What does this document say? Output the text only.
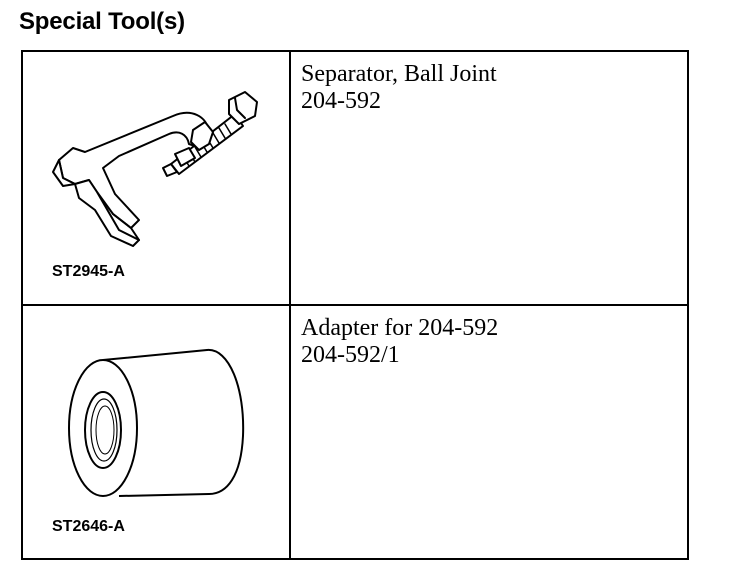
Special Tool(s)
ST2945-A	Separator, Ball Joint
204-592

ST2646-A	Adapter for 204-592
204-592/1
